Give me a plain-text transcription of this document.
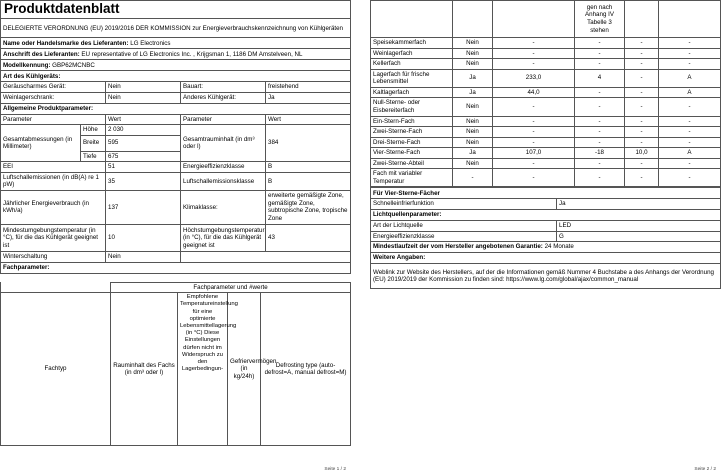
Produktdatenblatt				
DELEGIERTE VERORDNUNG (EU) 2019/2016 DER KOMMISSION zur Energieverbrauchskennzeichnung von Kühlgeräten				
Name oder Handelsmarke des Lieferanten: LG Electronics				
Anschrift des Lieferanten: EU representative of LG Electronics Inc. , Krijgsman 1, 1186 DM Amstelveen, NL				
Modellkennung: GBP62MCNBC				
Art des Kühlgeräts:				
Geräuscharmes Gerät:		Nein	Bauart:	freistehend
Weinlagerschrank:		Nein	Anderes Kühlgerät:	Ja
Allgemeine Produktparameter:				
Parameter		Wert	Parameter	Wert
Gesamtabmessungen (in Millimeter)	Höhe	2 030	Gesamtrauminhalt (in dm³ oder l)	384
	Breite	595		
	Tiefe	675		
EEI		51	Energieeffizienzklasse	B
Luftschallemissionen (in dB(A) re 1 pW)		35	Luftschallemissionsklasse	B
Jährlicher Energieverbrauch (in kWh/a)		137	Klimaklasse:	erweiterte gemäßigte Zone, gemäßigte Zone, subtropische Zone, tropische Zone
Mindestumgebungstemperatur (in °C), für die das Kühlgerät geeignet ist		10	Höchstumgebungstemperatur (in °C), für die das Kühlgerät geeignet ist	43
Winterschaltung		Nein		
Fachparameter:				
	Fachparameter und #werte			
Fachtyp	Rauminhalt des Fachs (in dm³ oder l)	Empfohlene Temperatureinstellung für eine optimierte Lebensmittellagerung (in °C) Diese Einstellungen dürfen nicht im Widerspruch zu den Lagerbedingun-	Gefriervermögen (in kg/24h)	Defrosting type (auto-defrost=A, manual defrost=M)
Seite 1 / 2
			gen nach Anhang IV Tabelle 3 stehen		
Speisekammerfach	Nein	-	-	-	-
Weinlagerfach	Nein	-	-	-	-
Kellerfach	Nein	-	-	-	-
Lagerfach für frische Lebensmittel	Ja	233,0	4	-	A
Kaltlagerfach	Ja	44,0	-	-	A
Null-Sterne- oder Eisbereiterfach	Nein	-	-	-	-
Ein-Stern-Fach	Nein	-	-	-	-
Zwei-Sterne-Fach	Nein	-	-	-	-
Drei-Sterne-Fach	Nein	-	-	-	-
Vier-Sterne-Fach	Ja	107,0	-18	10,0	A
Zwei-Sterne-Abteil	Nein	-	-	-	-
Fach mit variabler Temperatur	-	-	-	-	-
Für Vier-Sterne-Fächer	
Schnelleinfrierfunktion	Ja
Lichtquellenparameter:	
Art der Lichtquelle	LED
Energieeffizienzklasse	G
Mindestlaufzeit der vom Hersteller angebotenen Garantie: 24 Monate	
Weitere Angaben:	
Weblink zur Website des Herstellers, auf der die Informationen gemäß Nummer 4 Buchstabe a des Anhangs der Verordnung (EU) 2019/2019 der Kommission zu finden sind: https://www.lg.com/global/ajax/common_manual	
Seite 2 / 2
